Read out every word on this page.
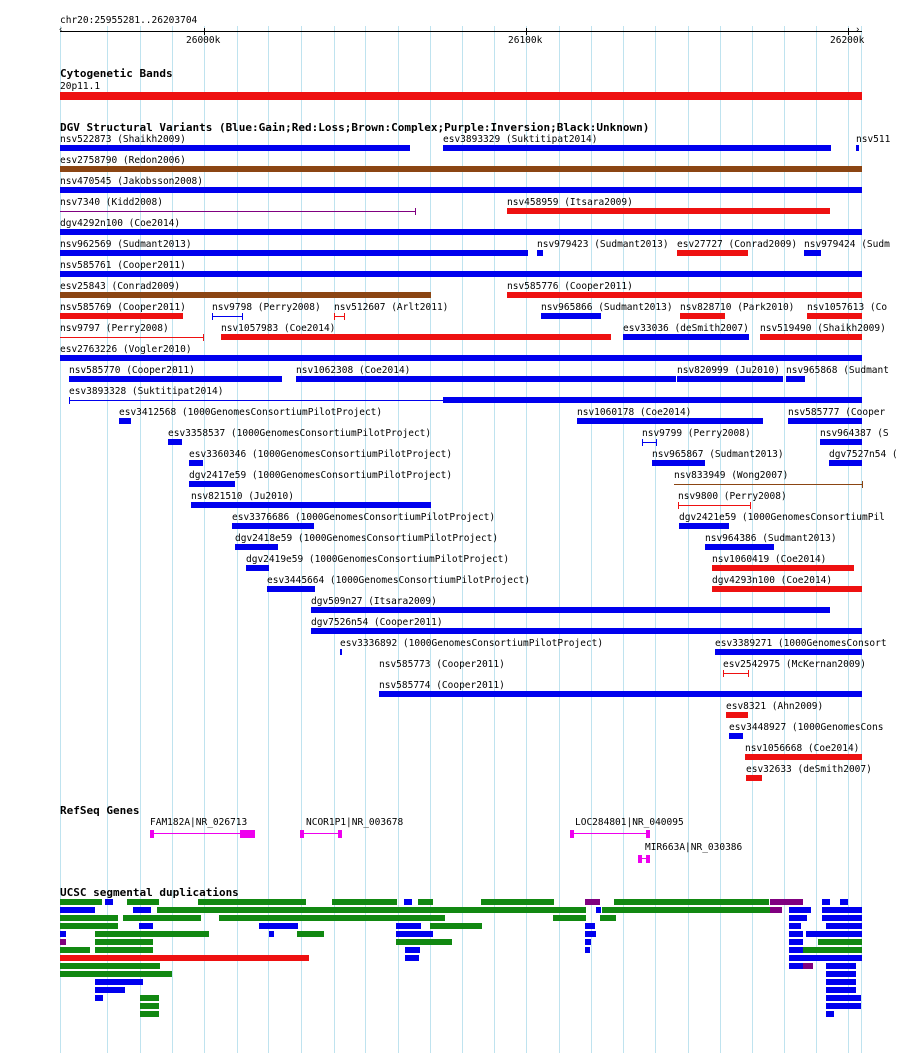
chr20:25955281..26203704
‹	›
26000k	26100k	26200k
Cytogenetic Bands
20p11.1
DGV Structural Variants (Blue:Gain;Red:Loss;Brown:Complex;Purple:Inversion;Black:Unknown)
nsv522873 (Shaikh2009)	esv3893329 (Suktitipat2014)	nsv511
esv2758790 (Redon2006)
nsv470545 (Jakobsson2008)
nsv7340 (Kidd2008)	nsv458959 (Itsara2009)
dgv4292n100 (Coe2014)
nsv962569 (Sudmant2013)	nsv979423 (Sudmant2013) esv27727 (Conrad2009) nsv979424 (Sudm
nsv585761 (Cooper2011)
esv25843 (Conrad2009)	nsv585776 (Cooper2011)
nsv585769 (Cooper2011)	nsv9798 (Perry2008) nsv512607 (Arlt2011)	nsv965866 (Sudmant2013) nsv828710 (Park2010) nsv1057613 (Co
nsv9797 (Perry2008)	nsv1057983 (Coe2014)	esv33036 (deSmith2007) nsv519490 (Shaikh2009)
esv2763226 (Vogler2010)
nsv585770 (Cooper2011)	nsv1062308 (Coe2014)	nsv820999 (Ju2010) nsv965868 (Sudmant
esv3893328 (Suktitipat2014)
esv3412568 (1000GenomesConsortiumPilotProject)	nsv1060178 (Coe2014)	nsv585777 (Cooper
esv3358537 (1000GenomesConsortiumPilotProject)	nsv9799 (Perry2008)	nsv964387 (S
esv3360346 (1000GenomesConsortiumPilotProject)	nsv965867 (Sudmant2013)	dgv7527n54 (
dgv2417e59 (1000GenomesConsortiumPilotProject)	nsv833949 (Wong2007)
nsv821510 (Ju2010)	nsv9800 (Perry2008)
esv3376686 (1000GenomesConsortiumPilotProject)	dgv2421e59 (1000GenomesConsortiumPil
dgv2418e59 (1000GenomesConsortiumPilotProject)	nsv964386 (Sudmant2013)
dgv2419e59 (1000GenomesConsortiumPilotProject)	nsv1060419 (Coe2014)
esv3445664 (1000GenomesConsortiumPilotProject)	dgv4293n100 (Coe2014)
dgv509n27 (Itsara2009)
dgv7526n54 (Cooper2011)
esv3336892 (1000GenomesConsortiumPilotProject)	esv3389271 (1000GenomesConsort
nsv585773 (Cooper2011)	esv2542975 (McKernan2009)
nsv585774 (Cooper2011)
esv8321 (Ahn2009)
esv3448927 (1000GenomesCons
nsv1056668 (Coe2014)
esv32633 (deSmith2007)
RefSeq Genes
FAM182A|NR_026713	NCOR1P1|NR_003678	LOC284801|NR_040095
MIR663A|NR_030386
UCSC segmental duplications
